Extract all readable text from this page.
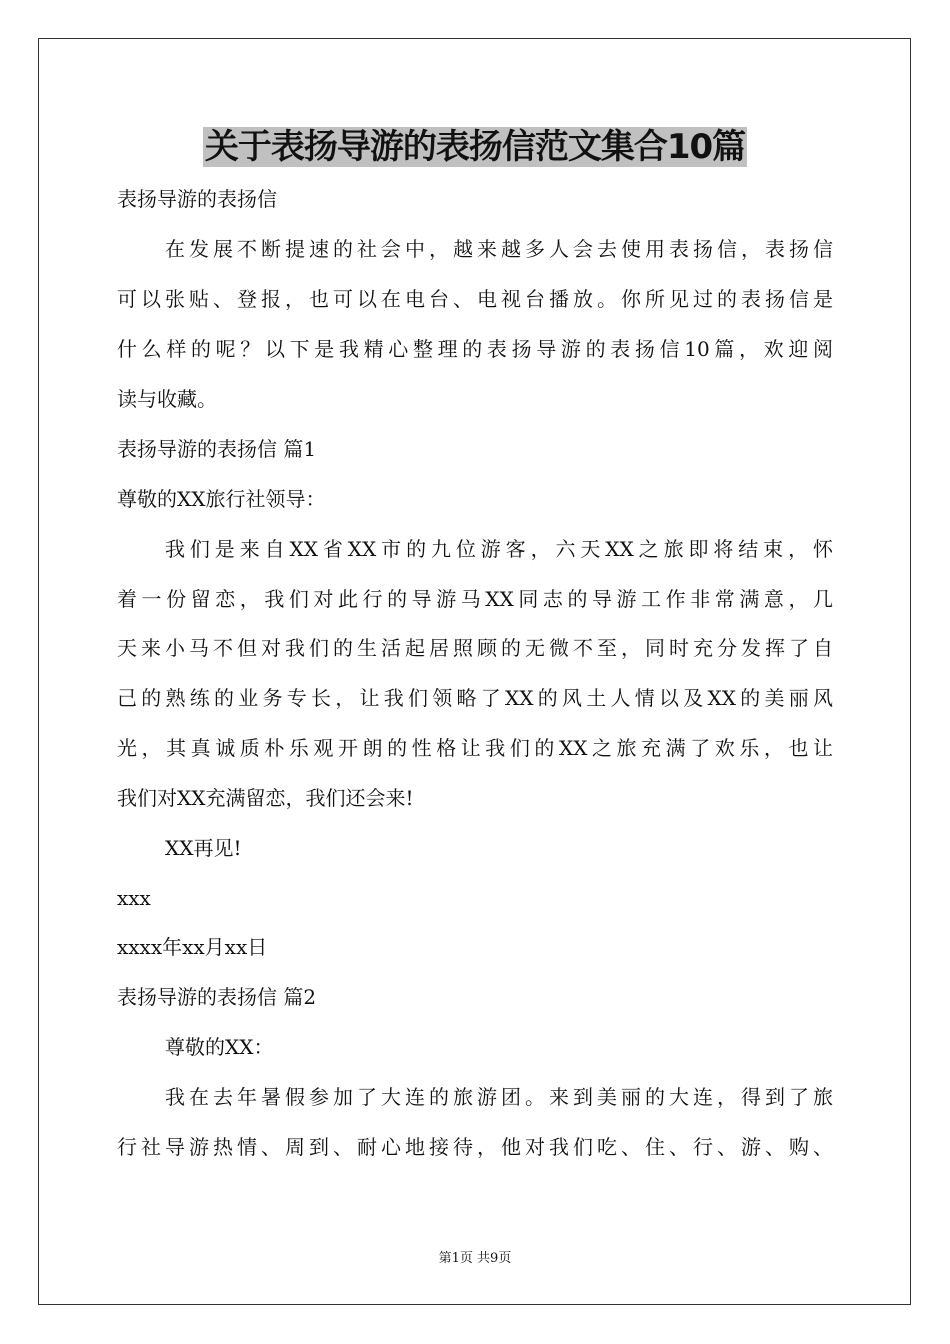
关于表扬导游的表扬信范文集合10篇
表扬导游的表扬信
在发展不断提速的社会中，越来越多人会去使用表扬信，表扬信
可以张贴、登报，也可以在电台、电视台播放。你所见过的表扬信是
什么样的呢？以下是我精心整理的表扬导游的表扬信10篇，欢迎阅
读与收藏。
表扬导游的表扬信 篇1
尊敬的XX旅行社领导：
我们是来自XX省XX市的九位游客，六天XX之旅即将结束，怀
着一份留恋，我们对此行的导游马XX同志的导游工作非常满意，几
天来小马不但对我们的生活起居照顾的无微不至，同时充分发挥了自
己的熟练的业务专长，让我们领略了XX的风土人情以及XX的美丽风
光，其真诚质朴乐观开朗的性格让我们的XX之旅充满了欢乐，也让
我们对XX充满留恋，我们还会来!
XX再见!
xxx
xxxx年xx月xx日
表扬导游的表扬信 篇2
尊敬的XX：
我在去年暑假参加了大连的旅游团。来到美丽的大连，得到了旅
行社导游热情、周到、耐心地接待，他对我们吃、住、行、游、购、
第1页 共9页
